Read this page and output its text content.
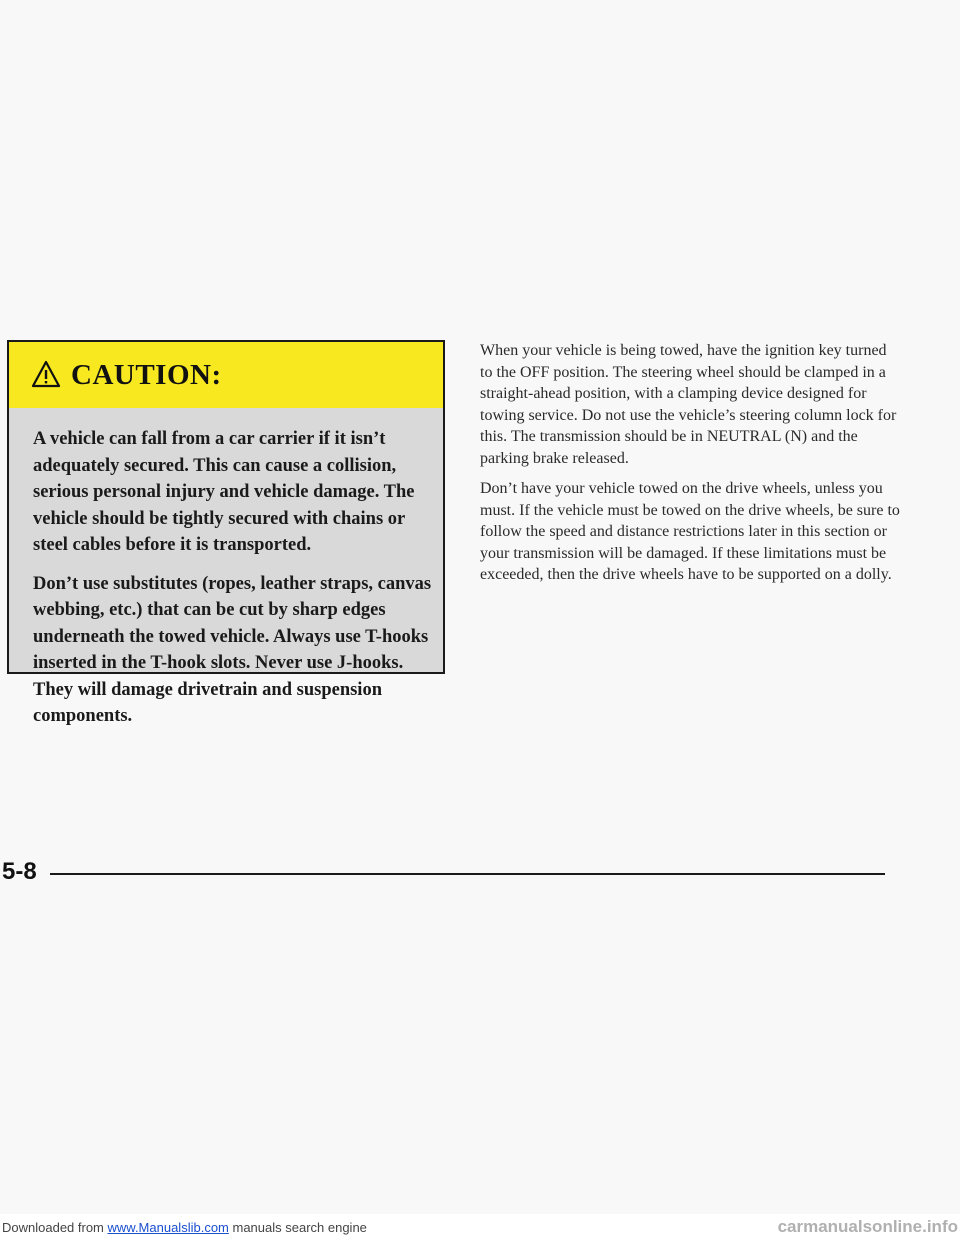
CAUTION:

A vehicle can fall from a car carrier if it isn’t adequately secured. This can cause a collision, serious personal injury and vehicle damage. The vehicle should be tightly secured with chains or steel cables before it is transported.

Don’t use substitutes (ropes, leather straps, canvas webbing, etc.) that can be cut by sharp edges underneath the towed vehicle. Always use T-hooks inserted in the T-hook slots. Never use J-hooks. They will damage drivetrain and suspension components.

When your vehicle is being towed, have the ignition key turned to the OFF position. The steering wheel should be clamped in a straight-ahead position, with a clamping device designed for towing service. Do not use the vehicle’s steering column lock for this. The transmission should be in NEUTRAL (N) and the parking brake released.

Don’t have your vehicle towed on the drive wheels, unless you must. If the vehicle must be towed on the drive wheels, be sure to follow the speed and distance restrictions later in this section or your transmission will be damaged. If these limitations must be exceeded, then the drive wheels have to be supported on a dolly.

5-8
Downloaded from www.Manualslib.com manuals search engine	carmanualsonline.info
